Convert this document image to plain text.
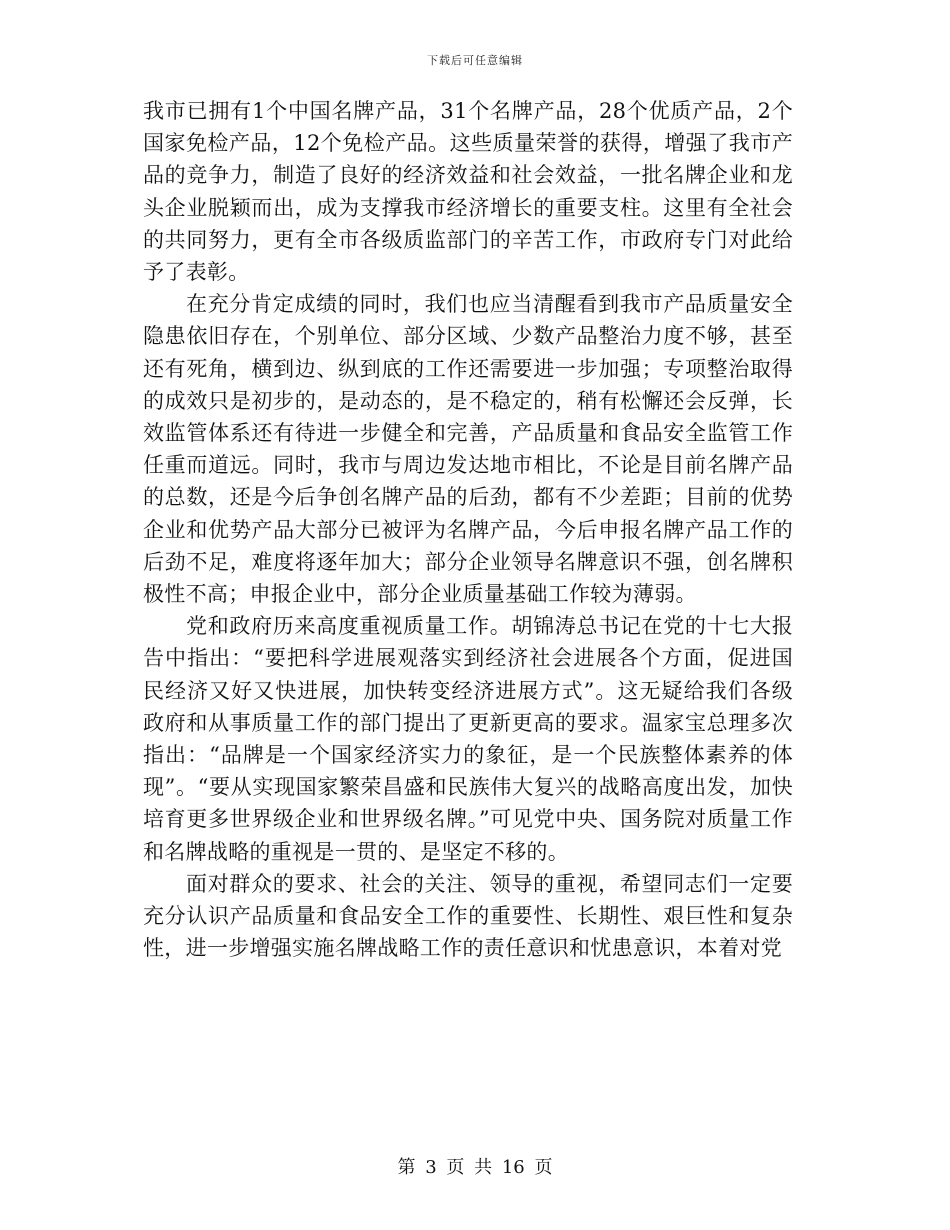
下载后可任意编辑

我市已拥有1个中国名牌产品，31个名牌产品，28个优质产品，2个国家免检产品，12个免检产品。这些质量荣誉的获得，增强了我市产品的竞争力，制造了良好的经济效益和社会效益，一批名牌企业和龙头企业脱颖而出，成为支撑我市经济增长的重要支柱。这里有全社会的共同努力，更有全市各级质监部门的辛苦工作，市政府专门对此给予了表彰。

在充分肯定成绩的同时，我们也应当清醒看到我市产品质量安全隐患依旧存在，个别单位、部分区域、少数产品整治力度不够，甚至还有死角，横到边、纵到底的工作还需要进一步加强；专项整治取得的成效只是初步的，是动态的，是不稳定的，稍有松懈还会反弹，长效监管体系还有待进一步健全和完善，产品质量和食品安全监管工作任重而道远。同时，我市与周边发达地市相比，不论是目前名牌产品的总数，还是今后争创名牌产品的后劲，都有不少差距；目前的优势企业和优势产品大部分已被评为名牌产品，今后申报名牌产品工作的后劲不足，难度将逐年加大；部分企业领导名牌意识不强，创名牌积极性不高；申报企业中，部分企业质量基础工作较为薄弱。

党和政府历来高度重视质量工作。胡锦涛总书记在党的十七大报告中指出：“要把科学进展观落实到经济社会进展各个方面，促进国民经济又好又快进展，加快转变经济进展方式”。这无疑给我们各级政府和从事质量工作的部门提出了更新更高的要求。温家宝总理多次指出：“品牌是一个国家经济实力的象征，是一个民族整体素养的体现”。“要从实现国家繁荣昌盛和民族伟大复兴的战略高度出发，加快培育更多世界级企业和世界级名牌。”可见党中央、国务院对质量工作和名牌战略的重视是一贯的、是坚定不移的。

面对群众的要求、社会的关注、领导的重视，希望同志们一定要充分认识产品质量和食品安全工作的重要性、长期性、艰巨性和复杂性，进一步增强实施名牌战略工作的责任意识和忧患意识，本着对党

第 3 页 共 16 页
